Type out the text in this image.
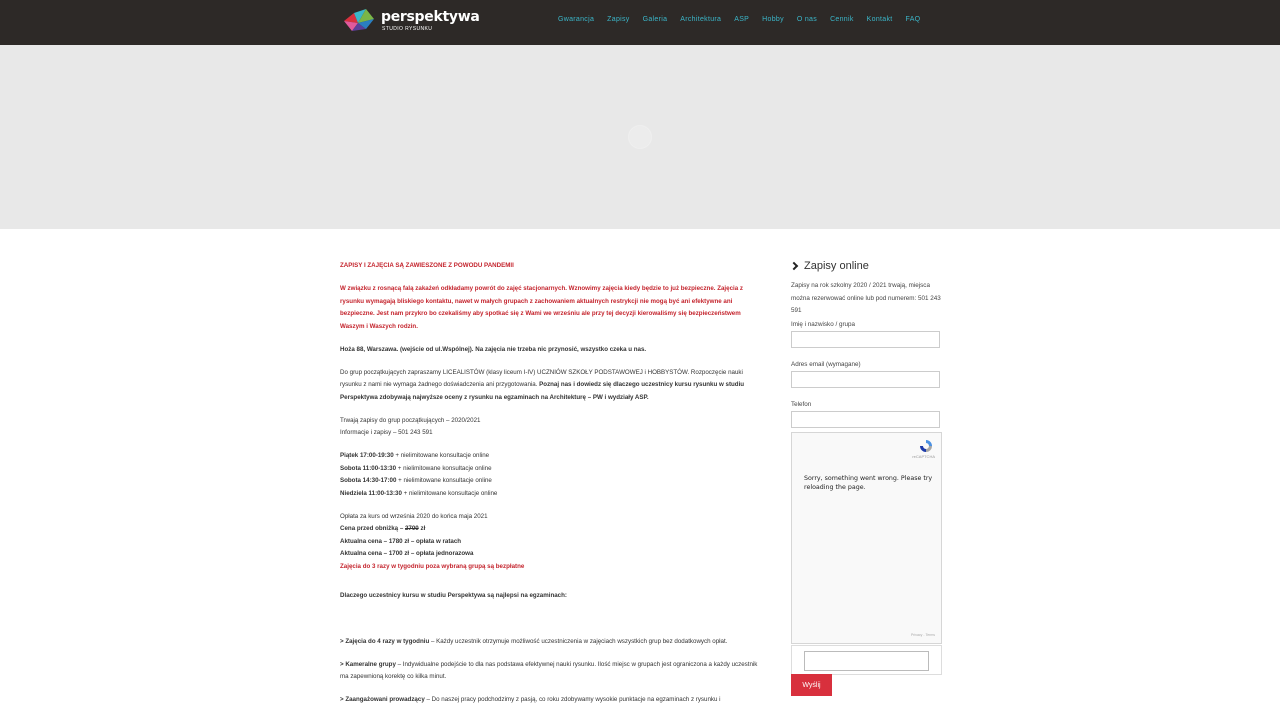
perspektywa
STUDIO RYSUNKU
Gwarancja Zapisy Galeria Architektura ASP Hobby O nas Cennik Kontakt FAQ

ZAPISY I ZAJĘCIA SĄ ZAWIESZONE Z POWODU PANDEMII

W związku z rosnącą falą zakażeń odkładamy powrót do zajęć stacjonarnych. Wznowimy zajęcia kiedy będzie to już bezpieczne. Zajęcia z rysunku wymagają bliskiego kontaktu, nawet w małych grupach z zachowaniem aktualnych restrykcji nie mogą być ani efektywne ani bezpieczne. Jest nam przykro bo czekaliśmy aby spotkać się z Wami we wrześniu ale przy tej decyzji kierowaliśmy się bezpieczeństwem Waszym i Waszych rodzin.

Hoża 88, Warszawa. (wejście od ul.Wspólnej). Na zajęcia nie trzeba nic przynosić, wszystko czeka u nas.

Do grup początkujących zapraszamy LICEALISTÓW (klasy liceum I-IV) UCZNIÓW SZKOŁY PODSTAWOWEJ i HOBBYSTÓW. Rozpoczęcie nauki rysunku z nami nie wymaga żadnego doświadczenia ani przygotowania. Poznaj nas i dowiedz się dlaczego uczestnicy kursu rysunku w studiu Perspektywa zdobywają najwyższe oceny z rysunku na egzaminach na Architekturę – PW i wydziały ASP.

Trwają zapisy do grup początkujących – 2020/2021
Informacje i zapisy – 501 243 591

Piątek 17:00-19:30 + nielimitowane konsultacje online
Sobota 11:00-13:30 + nielimitowane konsultacje online
Sobota 14:30-17:00 + nielimitowane konsultacje online
Niedziela 11:00-13:30 + nielimitowane konsultacje online

Opłata za kurs od września 2020 do końca maja 2021
Cena przed obniżką – 2700 zł
Aktualna cena – 1780 zł – opłata w ratach
Aktualna cena – 1700 zł – opłata jednorazowa
Zajęcia do 3 razy w tygodniu poza wybraną grupą są bezpłatne

Dlaczego uczestnicy kursu w studiu Perspektywa są najlepsi na egzaminach:

> Zajęcia do 4 razy w tygodniu – Każdy uczestnik otrzymuje możliwość uczestniczenia w zajęciach wszystkich grup bez dodatkowych opłat.

> Kameralne grupy – Indywidualne podejście to dla nas podstawa efektywnej nauki rysunku. Ilość miejsc w grupach jest ograniczona a każdy uczestnik ma zapewnioną korektę co kilka minut.

> Zaangażowani prowadzący – Do naszej pracy podchodzimy z pasją, co roku zdobywamy wysokie punktacje na egzaminach z rysunku i

Zapisy online
Zapisy na rok szkolny 2020 / 2021 trwają, miejsca można rezerwować online lub pod numerem: 501 243 591
Imię i nazwisko / grupa
Adres email (wymagane)
Telefon
reCAPTCHA
Sorry, something went wrong. Please try reloading the page.
Privacy - Terms
Wyślij
